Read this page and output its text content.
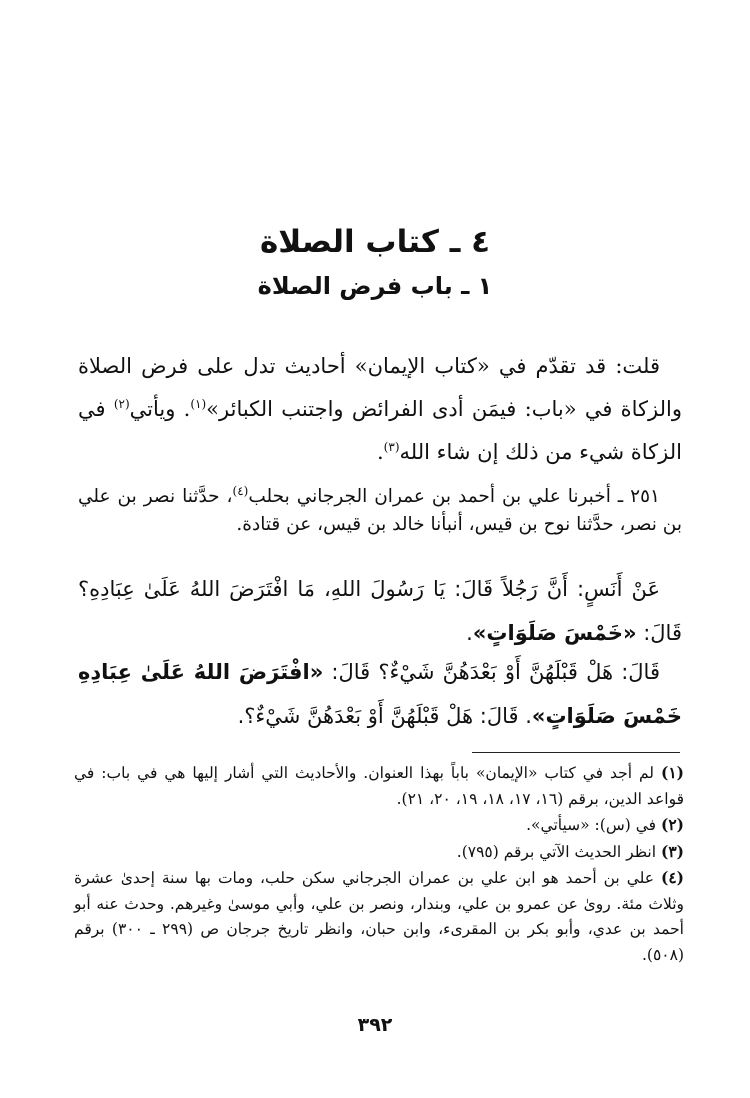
٤ ـ كتاب الصلاة
١ ـ باب فرض الصلاة

قلت: قد تقدّم في «كتاب الإيمان» أحاديث تدل على فرض الصلاة والزكاة في «باب: فيمَن أدى الفرائض واجتنب الكبائر»$^{(١)}$. ويأتي$^{(٢)}$ في الزكاة شيء من ذلك إن شاء الله$^{(٣)}$.

٢٥١ ـ أخبرنا علي بن أحمد بن عمران الجرجاني بحلب$^{(٤)}$، حدَّثنا نصر بن علي بن نصر، حدَّثنا نوح بن قيس، أنبأنا خالد بن قيس، عن قتادة.

عَنْ أَنَسٍ: أَنَّ رَجُلاً قَالَ: يَا رَسُولَ اللهِ، مَا افْتَرَضَ اللهُ عَلَىٰ عِبَادِهِ؟ قَالَ: «خَمْسَ صَلَوَاتٍ».

قَالَ: هَلْ قَبْلَهُنَّ أَوْ بَعْدَهُنَّ شَيْءٌ؟ قَالَ: «افْتَرَضَ اللهُ عَلَىٰ عِبَادِهِ خَمْسَ صَلَوَاتٍ». قَالَ: هَلْ قَبْلَهُنَّ أَوْ بَعْدَهُنَّ شَيْءٌ؟.

(١) لم أجد في كتاب «الإيمان» باباً بهذا العنوان. والأحاديث التي أشار إليها هي في باب: في قواعد الدين، برقم (١٦، ١٧، ١٨، ١٩، ٢٠، ٢١).

(٢) في (س): «سيأتي».

(٣) انظر الحديث الآتي برقم (٧٩٥).

(٤) علي بن أحمد هو ابن علي بن عمران الجرجاني سكن حلب، ومات بها سنة إحدىٰ عشرة وثلاث مئة. روىٰ عن عمرو بن علي، وبندار، ونصر بن علي، وأبي موسىٰ وغيرهم. وحدث عنه أبو أحمد بن عدي، وأبو بكر بن المقرىء، وابن حبان، وانظر تاريخ جرجان ص (٢٩٩ ـ ٣٠٠) برقم (٥٠٨).

٣٩٢
